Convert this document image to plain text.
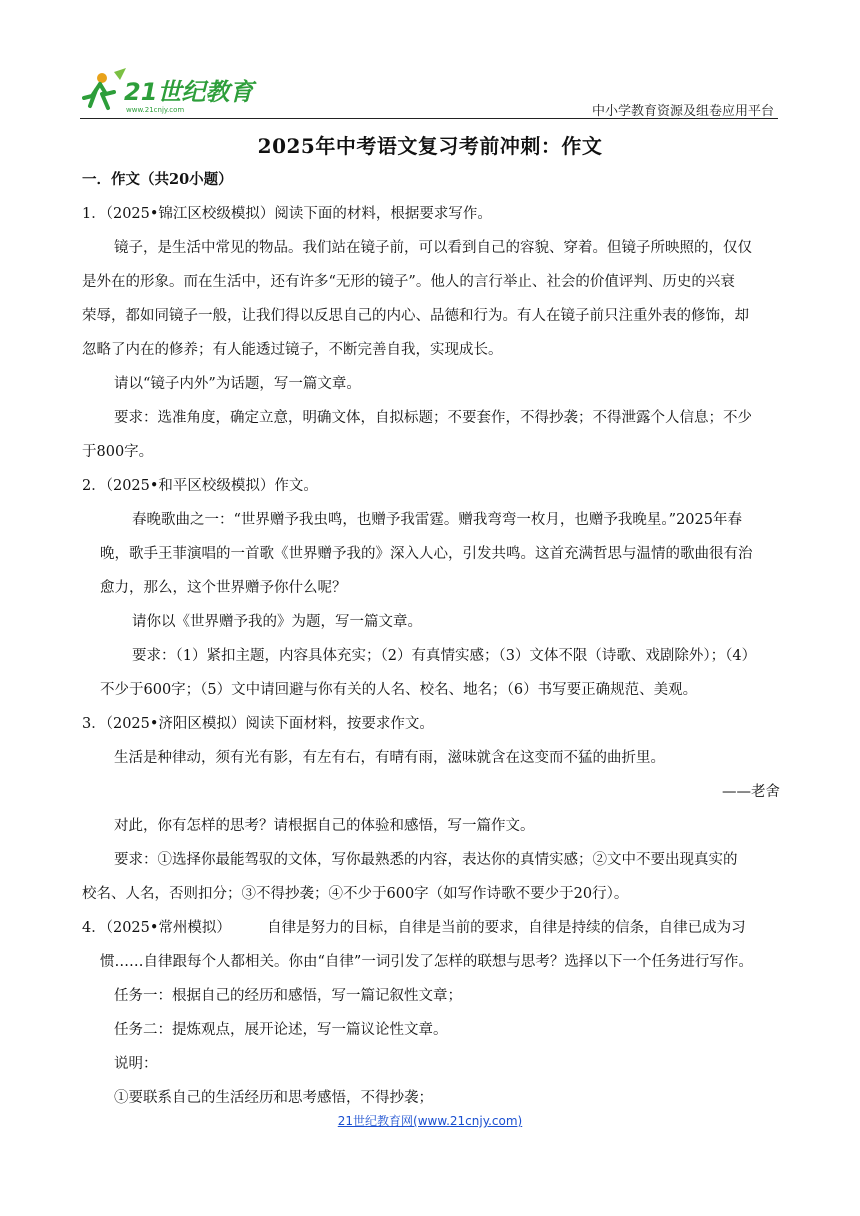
21世纪教育
www.21cnjy.com	中小学教育资源及组卷应用平台
2025年中考语文复习考前冲刺：作文
一．作文（共20小题）
1．（2025•锦江区校级模拟）阅读下面的材料，根据要求写作。
镜子，是生活中常见的物品。我们站在镜子前，可以看到自己的容貌、穿着。但镜子所映照的，仅仅
是外在的形象。而在生活中，还有许多“无形的镜子”。他人的言行举止、社会的价值评判、历史的兴衰
荣辱，都如同镜子一般，让我们得以反思自己的内心、品德和行为。有人在镜子前只注重外表的修饰，却
忽略了内在的修养；有人能透过镜子，不断完善自我，实现成长。
请以“镜子内外”为话题，写一篇文章。
要求：选准角度，确定立意，明确文体，自拟标题；不要套作，不得抄袭；不得泄露个人信息；不少
于800字。
2．（2025•和平区校级模拟）作文。
春晚歌曲之一：“世界赠予我虫鸣，也赠予我雷霆。赠我弯弯一枚月，也赠予我晚星。”2025年春
晚，歌手王菲演唱的一首歌《世界赠予我的》深入人心，引发共鸣。这首充满哲思与温情的歌曲很有治
愈力，那么，这个世界赠予你什么呢？
请你以《世界赠予我的》为题，写一篇文章。
要求：（1）紧扣主题，内容具体充实；（2）有真情实感；（3）文体不限（诗歌、戏剧除外）；（4）
不少于600字；（5）文中请回避与你有关的人名、校名、地名；（6）书写要正确规范、美观。
3．（2025•济阳区模拟）阅读下面材料，按要求作文。
生活是种律动，须有光有影，有左有右，有晴有雨，滋味就含在这变而不猛的曲折里。
——老舍
对此，你有怎样的思考？请根据自己的体验和感悟，写一篇作文。
要求：①选择你最能驾驭的文体，写你最熟悉的内容，表达你的真情实感；②文中不要出现真实的
校名、人名，否则扣分；③不得抄袭；④不少于600字（如写作诗歌不要少于20行）。
4．（2025•常州模拟）　　　自律是努力的目标，自律是当前的要求，自律是持续的信条，自律已成为习
惯……自律跟每个人都相关。你由“自律”一词引发了怎样的联想与思考？选择以下一个任务进行写作。
任务一：根据自己的经历和感悟，写一篇记叙性文章；
任务二：提炼观点，展开论述，写一篇议论性文章。
说明：
①要联系自己的生活经历和思考感悟，不得抄袭；
21世纪教育网(www.21cnjy.com)
